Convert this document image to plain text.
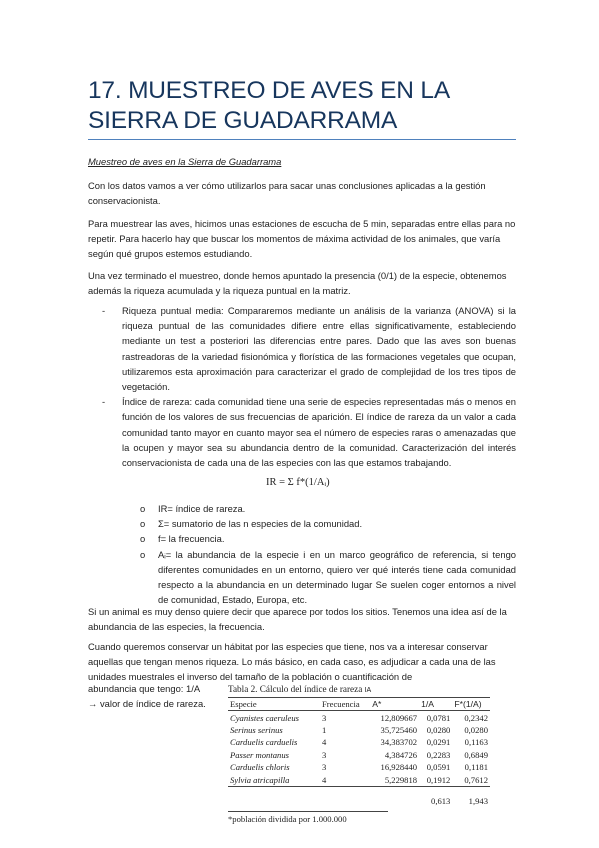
17. MUESTREO DE AVES EN LA SIERRA DE GUADARRAMA

Muestreo de aves en la Sierra de Guadarrama

Con los datos vamos a ver cómo utilizarlos para sacar unas conclusiones aplicadas a la gestión conservacionista.

Para muestrear las aves, hicimos unas estaciones de escucha de 5 min, separadas entre ellas para no repetir. Para hacerlo hay que buscar los momentos de máxima actividad de los animales, que varía según qué grupos estemos estudiando.

Una vez terminado el muestreo, donde hemos apuntado la presencia (0/1) de la especie, obtenemos además la riqueza acumulada y la riqueza puntual en la matriz.

- Riqueza puntual media: Compararemos mediante un análisis de la varianza (ANOVA) si la riqueza puntual de las comunidades difiere entre ellas significativamente, estableciendo mediante un test a posteriori las diferencias entre pares. Dado que las aves son buenas rastreadoras de la variedad fisionómica y florística de las formaciones vegetales que ocupan, utilizaremos esta aproximación para caracterizar el grado de complejidad de los tres tipos de vegetación.
- Índice de rareza: cada comunidad tiene una serie de especies representadas más o menos en función de los valores de sus frecuencias de aparición. El índice de rareza da un valor a cada comunidad tanto mayor en cuanto mayor sea el número de especies raras o amenazadas que la ocupen y mayor sea su abundancia dentro de la comunidad. Caracterización del interés conservacionista de cada una de las especies con las que estamos trabajando.
IR = Σ f*(1/Aᵢ)
o IR= índice de rareza.
o Σ= sumatorio de las n especies de la comunidad.
o f= la frecuencia.
o Aᵢ= la abundancia de la especie i en un marco geográfico de referencia, si tengo diferentes comunidades en un entorno, quiero ver qué interés tiene cada comunidad respecto a la abundancia en un determinado lugar Se suelen coger entornos a nivel de comunidad, Estado, Europa, etc.

Si un animal es muy denso quiere decir que aparece por todos los sitios. Tenemos una idea así de la abundancia de las especies, la frecuencia.

Cuando queremos conservar un hábitat por las especies que tiene, nos va a interesar conservar aquellas que tengan menos riqueza. Lo más básico, en cada caso, es adjudicar a cada una de las unidades muestrales el inverso del tamaño de la población o cuantificación de

abundancia que tengo: 1/A

→ valor de índice de rareza.

Tabla 2. Cálculo del índice de rareza IA
Especie	Frecuencia	A*	1/A	F*(1/A)
Cyanistes caeruleus	3	12,809667	0,0781	0,2342
Serinus serinus	1	35,725460	0,0280	0,0280
Carduelis carduelis	4	34,383702	0,0291	0,1163
Passer montanus	3	4,384726	0,2283	0,6849
Carduelis chloris	3	16,928440	0,0591	0,1181
Sylvia atricapilla	4	5,229818	0,1912	0,7612
			0,613	1,943
*población dividida por 1.000.000
